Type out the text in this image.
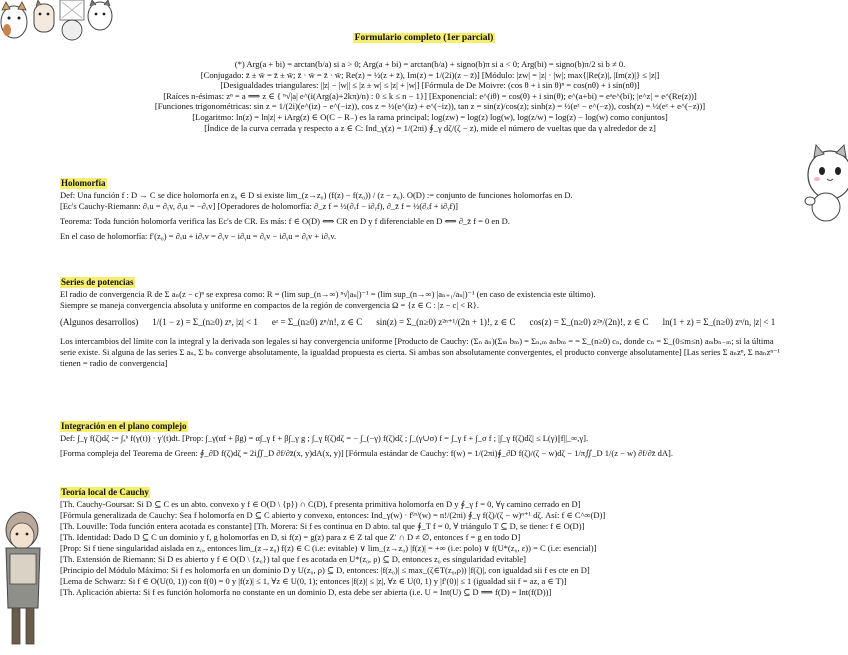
Formulario completo (1er parcial)
(*) Arg(a + bi) = arctan(b/a) si a > 0; Arg(a + bi) = arctan(b/a) + signo(b)π si a < 0; Arg(bi) = signo(b)π/2 si b ≠ 0.
[Conjugado: z̄ ± w̄ = z̄ ± w̄; z̄ · w̄ = z̄ · w̄; Re(z) = ½(z + z̄), Im(z) = 1/(2i)(z − z̄)] [Módulo: |zw| = |z| · |w|; max{|Re(z)|, |Im(z)|} ≤ |z|]
[Desigualdades triangulares: ||z| − |w|| ≤ |z ± w| ≤ |z| + |w|] [Fórmula de De Moivre: (cos θ + i sin θ)ⁿ = cos(nθ) + i sin(nθ)]
[Raíces n-ésimas: zⁿ = a ⟹ z ∈ { ⁿ√|a| e^(i(Arg(a)+2kπ)/n) : 0 ≤ k ≤ n − 1}] [Exponencial: e^(iθ) = cos(θ) + i sin(θ); e^(a+bi) = eᵃe^(bi); |e^z| = e^(Re(z))]
[Funciones trigonométricas: sin z = 1/(2i)(e^(iz) − e^(−iz)), cos z = ½(e^(iz) + e^(−iz)), tan z = sin(z)/cos(z); sinh(z) = ½(eᶻ − e^(−z)), cosh(z) = ½(eᶻ + e^(−z))]
[Logaritmo: ln(z) = ln|z| + iArg(z) ∈ O(C − R₋) es la rama principal; log(zw) = log(z) log(w), log(z/w) = log(z) − log(w) como conjuntos]
[Índice de la curva cerrada γ respecto a z ∈ C: Ind_γ(z) = 1/(2πi) ∮_γ dζ/(ζ − z), mide el número de vueltas que da γ alrededor de z]
Holomorfía
Def: Una función f : D → C se dice holomorfa en z₀ ∈ D si existe lim_(z→z₀) (f(z) − f(z₀)) / (z − z₀). O(D) := conjunto de funciones holomorfas en D.
[Ec's Cauchy-Riemann: ∂ₓu = ∂ᵧv, ∂ᵧu = −∂ₓv] [Operadores de holomorfía: ∂_z f = ½(∂ₓf − i∂ᵧf), ∂_z̄ f = ½(∂ₓf + i∂ᵧf)]
Teorema: Toda función holomorfa verifica las Ec's de CR. Es más: f ∈ O(D) ⟺ CR en D y f diferenciable en D ⟺ ∂_z̄ f = 0 en D.
En el caso de holomorfía: f′(z₀) = ∂ₓu + i∂ₓv = ∂ᵧv − i∂ᵧu = ∂ᵧv − i∂ᵧu = ∂ᵧv + i∂ₓv.
Series de potencias
El radio de convergencia R de Σ aₙ(z − c)ⁿ se expresa como: R = (lim sup_(n→∞) ⁿ√|aₙ|)⁻¹ = (lim sup_(n→∞) |aₙ₊₁/aₙ|)⁻¹ (en caso de existencia este último).
Siempre se maneja convergencia absoluta y uniforme en compactos de la región de convergencia Ω = {z ∈ C : |z − c| < R}.
(Algunos desarrollos) 1/(1 − z) = Σ_(n≥0) zⁿ, |z| < 1 eᶻ = Σ_(n≥0) zⁿ/n!, z ∈ C sin(z) = Σ_(n≥0) z²ⁿ⁺¹/(2n + 1)!, z ∈ C cos(z) = Σ_(n≥0) z²ⁿ/(2n)!, z ∈ C ln(1 + z) = Σ_(n≥0) zⁿ/n, |z| < 1
Los intercambios del límite con la integral y la derivada son legales si hay convergencia uniforme [Producto de Cauchy: (Σₙ aₙ)(Σₘ bₘ) = Σₙ,ₘ aₙbₘ = = Σ_(n≥0) cₙ, donde cₙ = Σ_(0≤m≤n) aₘbₙ₋ₘ; si la última serie existe. Si alguna de las series Σ aₙ, Σ bₙ converge absolutamente, la igualdad propuesta es cierta. Si ambas son absolutamente convergentes, el producto converge absolutamente] [Las series Σ aₙzⁿ, Σ naₙzⁿ⁻¹ tienen = radio de convergencia]
Integración en el plano complejo
Def: ∫_γ f(ζ)dζ := ∫ₐᵇ f(γ(t)) · γ′(t)dt. [Prop: ∫_γ(αf + βg) = α∫_γ f + β∫_γ g ; ∫_γ f(ζ)dζ = − ∫_(−γ) f(ζ)dζ ; ∫_(γ∪σ) f = ∫_γ f + ∫_σ f ; |∫_γ f(ζ)dζ| ≤ L(γ)||f||_∞,γ].
[Forma compleja del Teorema de Green: ∮_∂D f(ζ)dζ = 2i∬_D ∂f/∂z̄(x, y)dA(x, y)] [Fórmula estándar de Cauchy: f(w) = 1/(2πi)∮_∂D f(ζ)/(ζ − w)dζ − 1/π∬_D 1/(z − w) ∂f/∂z̄ dA].
Teoría local de Cauchy
[Th. Cauchy-Goursat: Si D ⊆ C es un abto. convexo y f ∈ O(D \ {p}) ∩ C(D), f presenta primitiva holomorfa en D y ∮_γ f = 0, ∀γ camino cerrado en D]
[Fórmula generalizada de Cauchy: Sea f holomorfa en D ⊆ C abierto y convexo, entonces: Ind_γ(w) · f⁽ⁿ⁾(w) = n!/(2πi) ∮_γ f(ζ)/(ζ − w)ⁿ⁺¹ dζ. Así: f ∈ C^∞(D)]
[Th. Louville: Toda función entera acotada es constante] [Th. Morera: Si f es continua en D abto. tal que ∮_T f = 0, ∀ triángulo T ⊆ D, se tiene: f ∈ O(D)]
[Th. Identidad: Dado D ⊆ C un dominio y f, g holomorfas en D, si f(z) = g(z) para z ∈ Z tal que Z′ ∩ D ≠ ∅, entonces f = g en todo D]
[Prop: Si f tiene singularidad aislada en z₀, entonces lim_(z→z₀) f(z) ∈ C (i.e: evitable) ∨ lim_(z→z₀) |f(z)| = +∞ (i.e: polo) ∨ f(U*(z₀, ε)) = C (i.e: esencial)]
[Th. Extensión de Riemann: Si D es abierto y f ∈ O(D \ {z₀}) tal que f es acotada en U*(z₀, ρ) ⊆ D, entonces z₀ es singularidad evitable]
[Principio del Módulo Máximo: Si f es holomorfa en un dominio D y U(z₀, ρ) ⊆ D, entonces: |f(z₀)| ≤ max_(ζ∈T(z₀,ρ)) |f(ζ)|, con igualdad sii f es cte en D]
[Lema de Schwarz: Si f ∈ O(U(0, 1)) con f(0) = 0 y |f(z)| ≤ 1, ∀z ∈ U(0, 1); entonces |f(z)| ≤ |z|, ∀z ∈ U(0, 1) y |f′(0)| ≤ 1 (igualdad sii f = az, a ∈ T)]
[Th. Aplicación abierta: Si f es función holomorfa no constante en un dominio D, esta debe ser abierta (i.e. U = Int(U) ⊆ D ⟹ f(D) = Int(f(D))]
